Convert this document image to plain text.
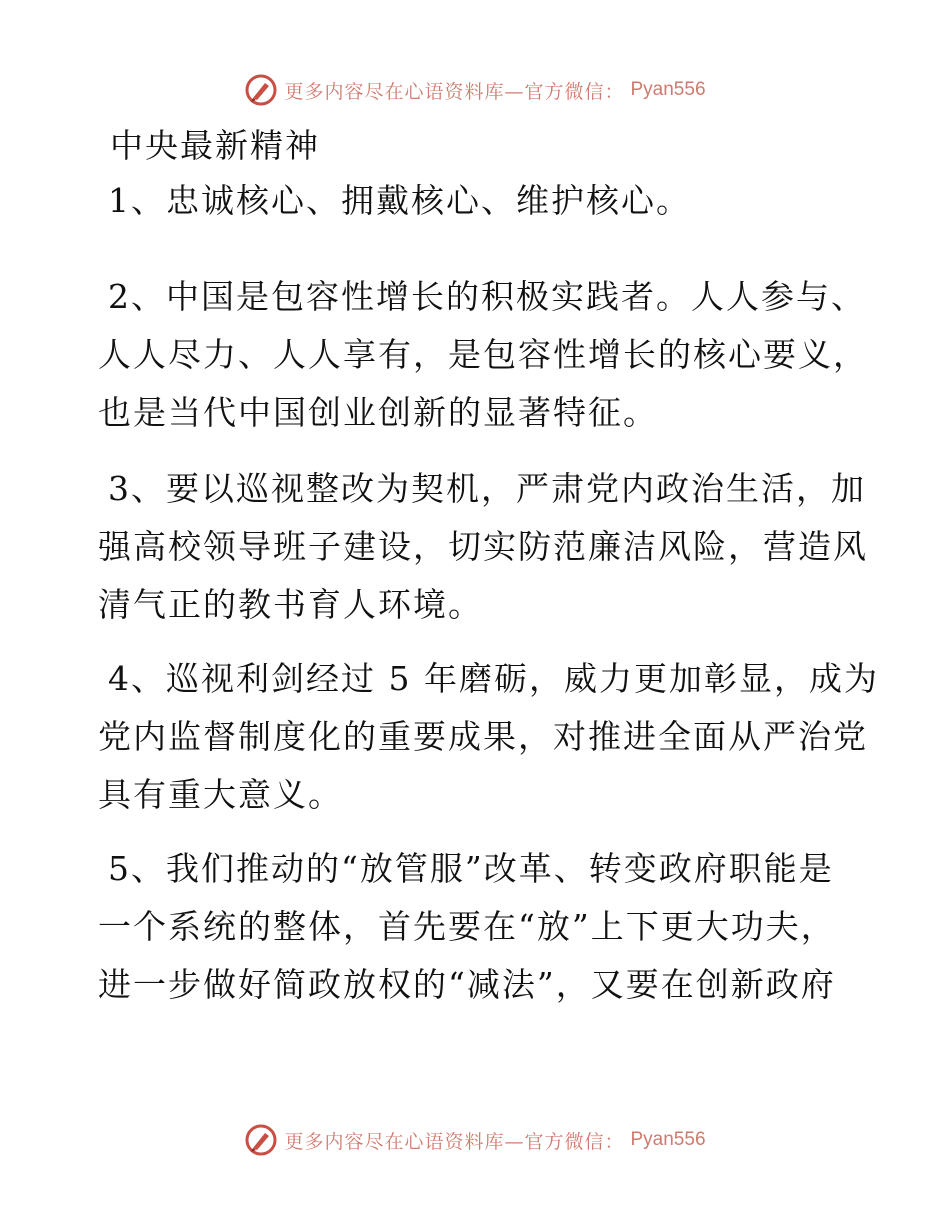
更多内容尽在心语资料库—官方微信： Pyan556
中央最新精神

1、忠诚核心、拥戴核心、维护核心。

2、中国是包容性增长的积极实践者。人人参与、
人人尽力、人人享有，是包容性增长的核心要义，
也是当代中国创业创新的显著特征。

3、要以巡视整改为契机，严肃党内政治生活，加
强高校领导班子建设，切实防范廉洁风险，营造风
清气正的教书育人环境。

4、巡视利剑经过 5 年磨砺，威力更加彰显，成为
党内监督制度化的重要成果，对推进全面从严治党
具有重大意义。

5、我们推动的“放管服”改革、转变政府职能是
一个系统的整体，首先要在“放”上下更大功夫，
进一步做好简政放权的“减法”，又要在创新政府

更多内容尽在心语资料库—官方微信： Pyan556
